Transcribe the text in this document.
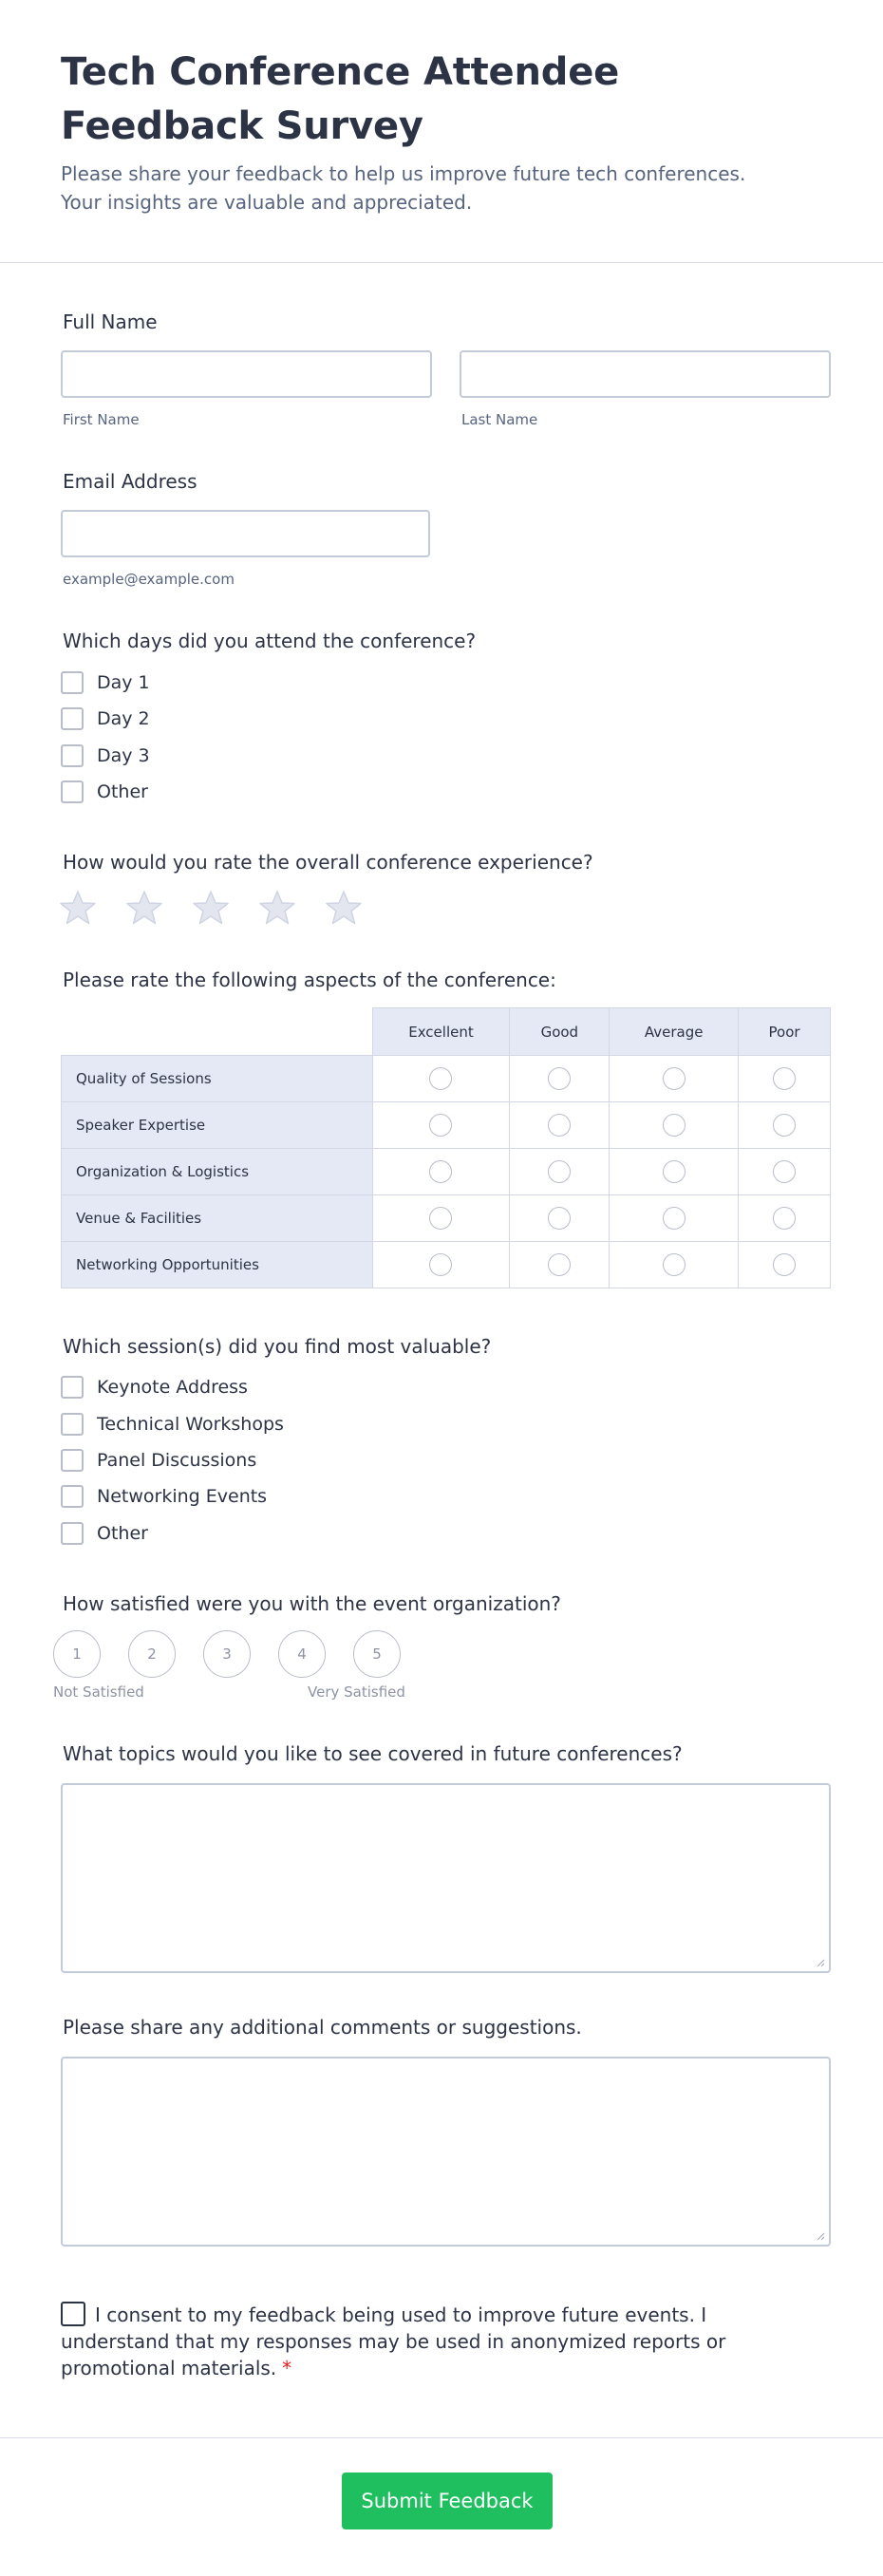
Tech Conference Attendee Feedback Survey

Please share your feedback to help us improve future tech conferences. Your insights are valuable and appreciated.

Full Name
First Name	Last Name
Email Address
example@example.com
Which days did you attend the conference?
Day 1
Day 2
Day 3
Other
How would you rate the overall conference experience?
Please rate the following aspects of the conference:
	Excellent	Good	Average	Poor
Quality of Sessions				
Speaker Expertise				
Organization & Logistics				
Venue & Facilities				
Networking Opportunities				
Which session(s) did you find most valuable?
Keynote Address
Technical Workshops
Panel Discussions
Networking Events
Other
How satisfied were you with the event organization?
1	2	3	4	5
Not Satisfied	Very Satisfied
What topics would you like to see covered in future conferences?
Please share any additional comments or suggestions.
I consent to my feedback being used to improve future events. I understand that my responses may be used in anonymized reports or promotional materials. *
Submit Feedback
